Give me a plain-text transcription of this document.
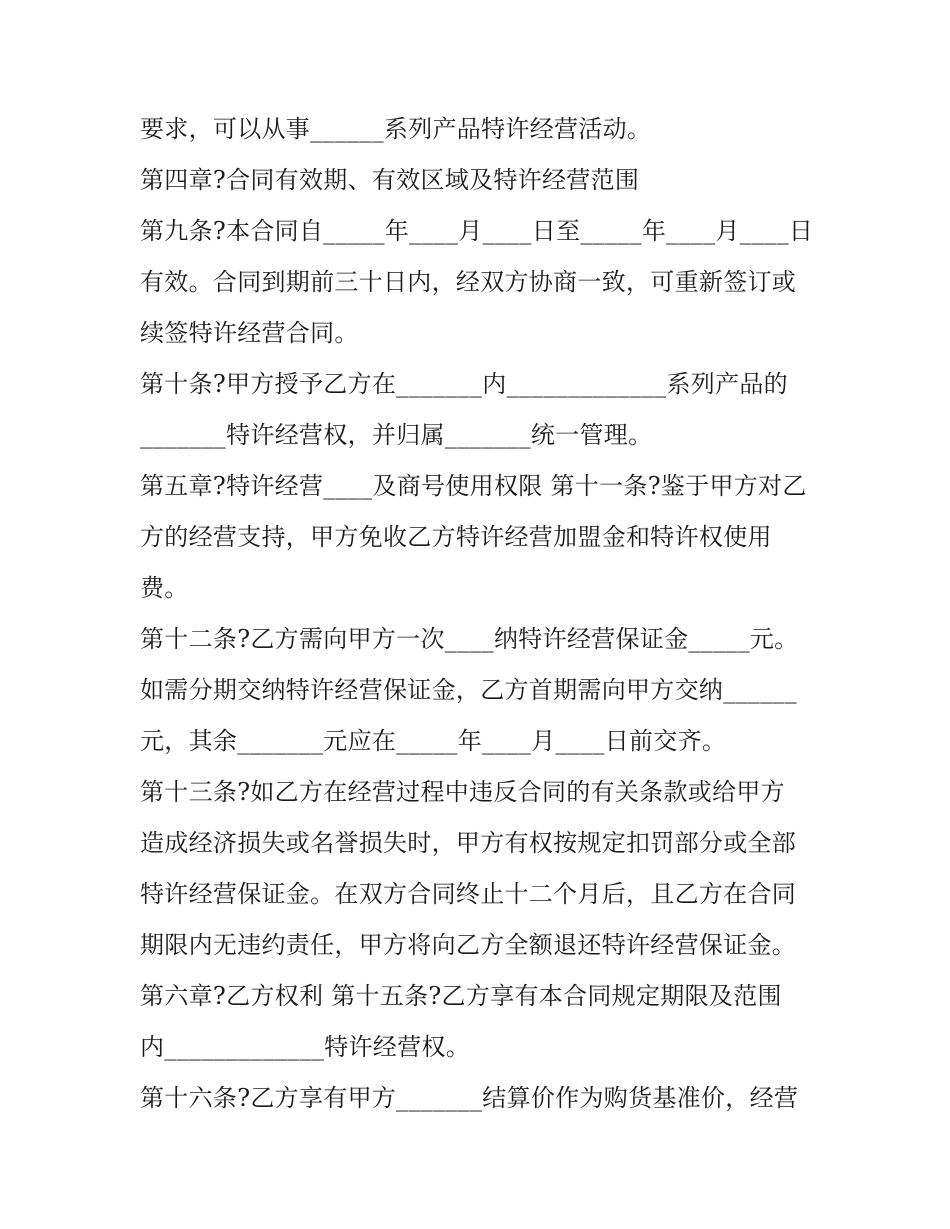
要求，可以从事______系列产品特许经营活动。
第四章?合同有效期、有效区域及特许经营范围
第九条?本合同自_____年____月____日至_____年____月____日
有效。合同到期前三十日内，经双方协商一致，可重新签订或
续签特许经营合同。
第十条?甲方授予乙方在_______内_____________系列产品的
_______特许经营权，并归属_______统一管理。
第五章?特许经营____及商号使用权限 第十一条?鉴于甲方对乙
方的经营支持，甲方免收乙方特许经营加盟金和特许权使用
费。
第十二条?乙方需向甲方一次____纳特许经营保证金_____元。
如需分期交纳特许经营保证金，乙方首期需向甲方交纳______
元，其余_______元应在_____年____月____日前交齐。
第十三条?如乙方在经营过程中违反合同的有关条款或给甲方
造成经济损失或名誉损失时，甲方有权按规定扣罚部分或全部
特许经营保证金。在双方合同终止十二个月后，且乙方在合同
期限内无违约责任，甲方将向乙方全额退还特许经营保证金。
第六章?乙方权利 第十五条?乙方享有本合同规定期限及范围
内_____________特许经营权。
第十六条?乙方享有甲方_______结算价作为购货基准价，经营
